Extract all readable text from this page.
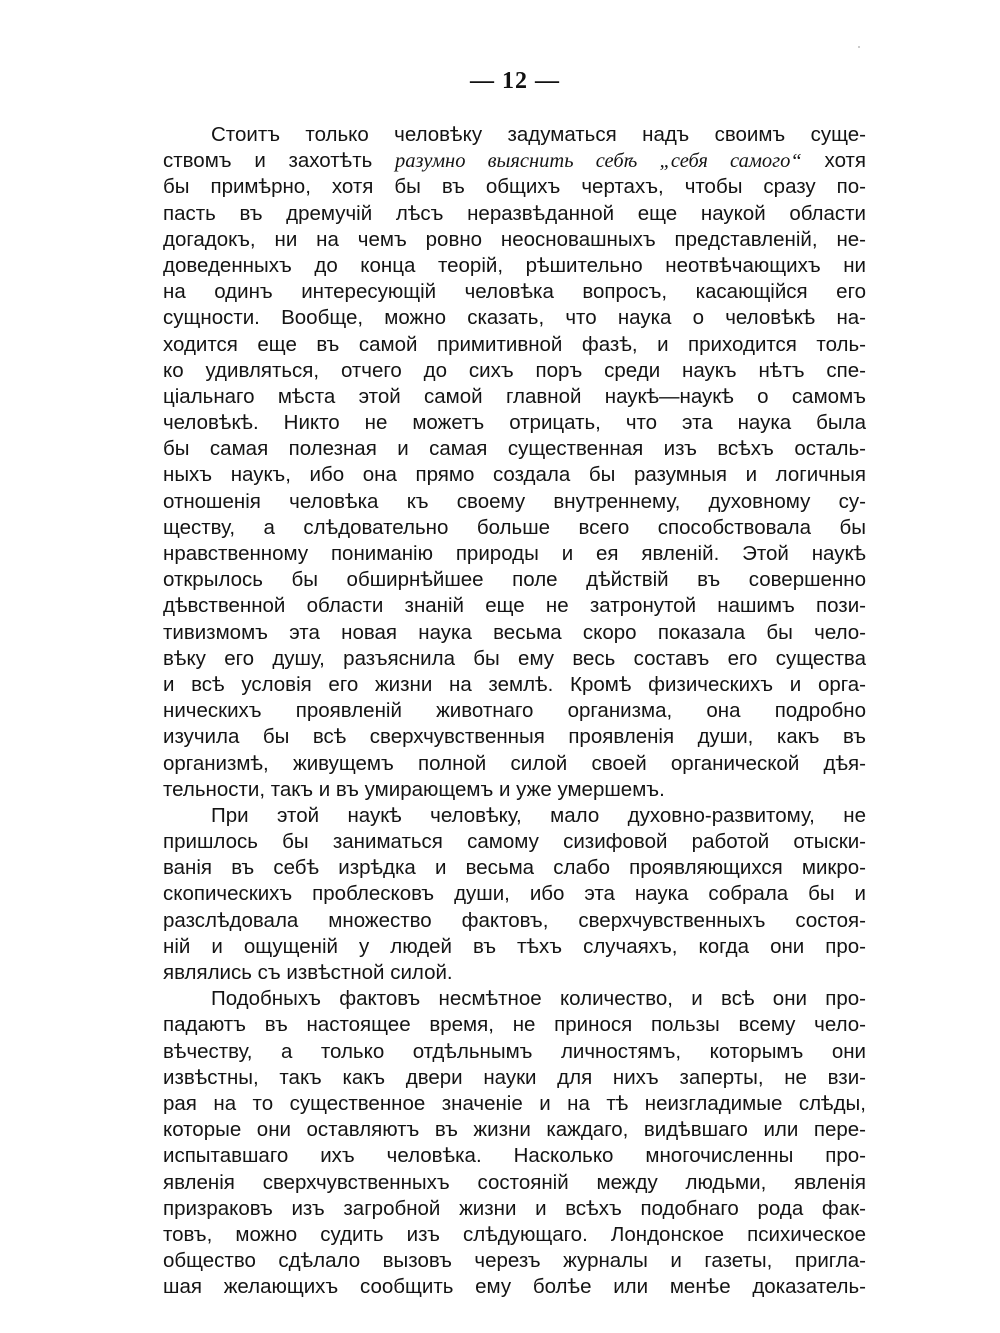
— 12 —
Стоитъ только человѣку задуматься надъ своимъ суще-
ствомъ и захотѣть разумно выяснить себѣ „себя самого“ хотя
бы примѣрно, хотя бы въ общихъ чертахъ, чтобы сразу по-
пасть въ дремучій лѣсъ неразвѣданной еще наукой области
догадокъ, ни на чемъ ровно неосновашныхъ представленій, не-
доведенныхъ до конца теорій, рѣшительно неотвѣчающихъ ни
на одинъ интересующій человѣка вопросъ, касающійся его
сущности. Вообще, можно сказать, что наука о человѣкѣ на-
ходится еще въ самой примитивной фазѣ, и приходится толь-
ко удивляться, отчего до сихъ поръ среди наукъ нѣтъ спе-
ціальнаго мѣста этой самой главной наукѣ—наукѣ о самомъ
человѣкѣ. Никто не можетъ отрицать, что эта наука была
бы самая полезная и самая существенная изъ всѣхъ осталь-
ныхъ наукъ, ибо она прямо создала бы разумныя и логичныя
отношенія человѣка къ своему внутреннему, духовному су-
ществу, а слѣдовательно больше всего способствовала бы
нравственному пониманію природы и ея явленій. Этой наукѣ
открылось бы обширнѣйшее поле дѣйствій въ совершенно
дѣвственной области знаній еще не затронутой нашимъ пози-
тивизмомъ эта новая наука весьма скоро показала бы чело-
вѣку его душу, разъяснила бы ему весь составъ его существа
и всѣ условія его жизни на землѣ. Кромѣ физическихъ и орга-
ническихъ проявленій животнаго организма, она подробно
изучила бы всѣ сверхчувственныя проявленія души, какъ въ
организмѣ, живущемъ полной силой своей органической дѣя-
тельности, такъ и въ умирающемъ и уже умершемъ.
При этой наукѣ человѣку, мало духовно-развитому, не
пришлось бы заниматься самому сизифовой работой отыски-
ванія въ себѣ изрѣдка и весьма слабо проявляющихся микро-
скопическихъ проблесковъ души, ибо эта наука собрала бы и
разслѣдовала множество фактовъ, сверхчувственныхъ состоя-
ній и ощущеній у людей въ тѣхъ случаяхъ, когда они про-
являлись съ извѣстной силой.
Подобныхъ фактовъ несмѣтное количество, и всѣ они про-
падаютъ въ настоящее время, не принося пользы всему чело-
вѣчеству, а только отдѣльнымъ личностямъ, которымъ они
извѣстны, такъ какъ двери науки для нихъ заперты, не взи-
рая на то существенное значеніе и на тѣ неизгладимые слѣды,
которые они оставляютъ въ жизни каждаго, видѣвшаго или пере-
испытавшаго ихъ человѣка. Насколько многочисленны про-
явленія сверхчувственныхъ состояній между людьми, явленія
призраковъ изъ загробной жизни и всѣхъ подобнаго рода фак-
товъ, можно судить изъ слѣдующаго. Лондонское психическое
общество сдѣлало вызовъ черезъ журналы и газеты, пригла-
шая желающихъ сообщить ему болѣе или менѣе доказатель-
